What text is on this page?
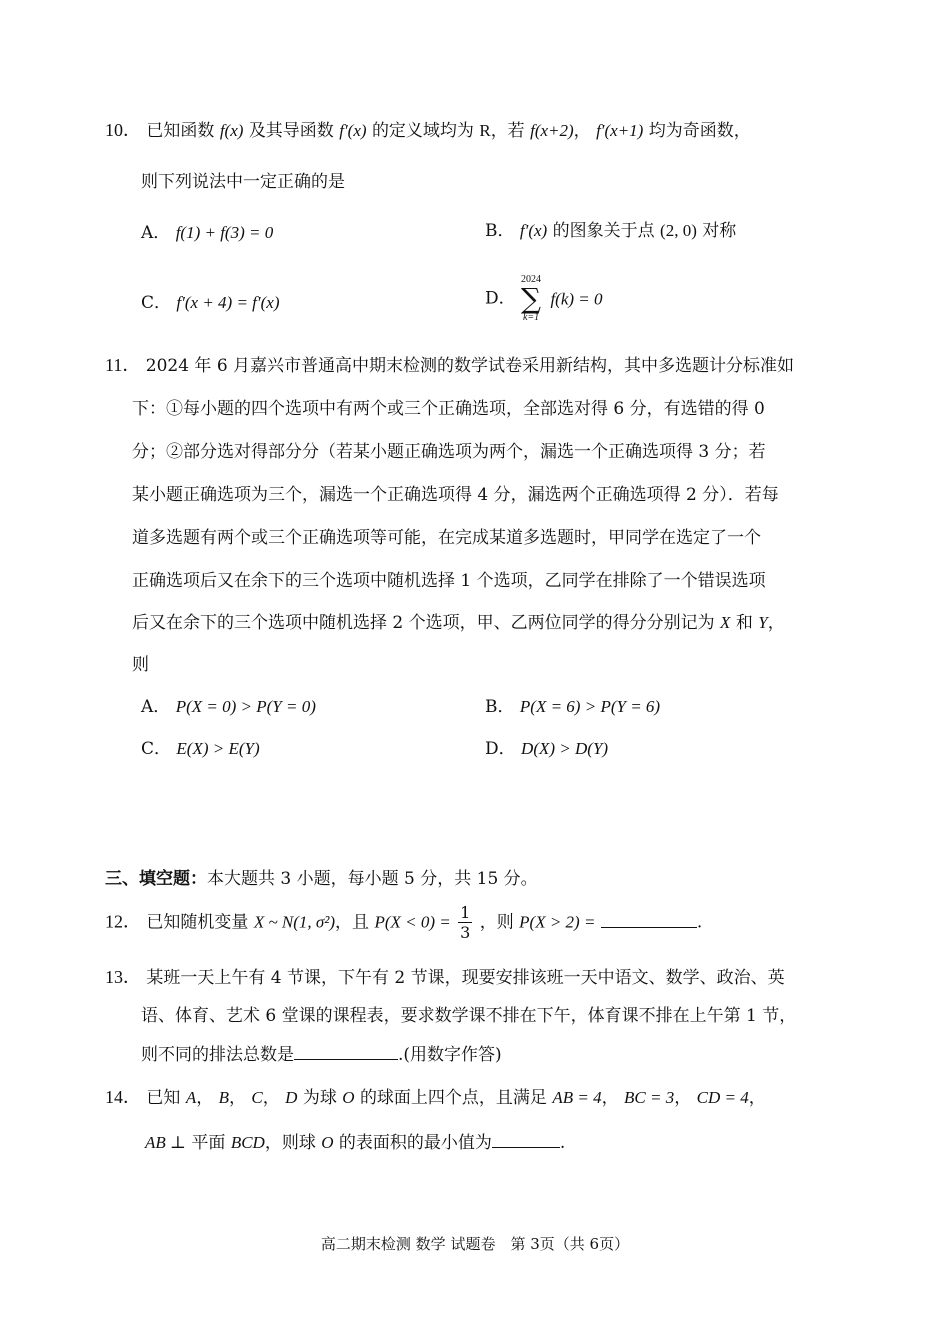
10． 已知函数 f(x) 及其导函数 f′(x) 的定义域均为 R，若 f(x+2)， f′(x+1) 均为奇函数，
则下列说法中一定正确的是
A． f(1) + f(3) = 0	B． f′(x) 的图象关于点 (2, 0) 对称
C． f′(x + 4) = f′(x)	D．
2024
∑
k=1
f(k) = 0
11． 2024 年 6 月嘉兴市普通高中期末检测的数学试卷采用新结构，其中多选题计分标准如
下：①每小题的四个选项中有两个或三个正确选项，全部选对得 6 分，有选错的得 0
分；②部分选对得部分分（若某小题正确选项为两个，漏选一个正确选项得 3 分；若
某小题正确选项为三个，漏选一个正确选项得 4 分，漏选两个正确选项得 2 分）．若每
道多选题有两个或三个正确选项等可能，在完成某道多选题时，甲同学在选定了一个
正确选项后又在余下的三个选项中随机选择 1 个选项，乙同学在排除了一个错误选项
后又在余下的三个选项中随机选择 2 个选项，甲、乙两位同学的得分分别记为 X 和 Y，
则
A． P(X = 0) > P(Y = 0)	B． P(X = 6) > P(Y = 6)
C． E(X) > E(Y)	D． D(X) > D(Y)
三、填空题：本大题共 3 小题，每小题 5 分，共 15 分。
12． 已知随机变量 X ~ N(1, σ²)，且 $P(X < 0) = \frac{1}{3}$ ，则 P(X > 2) =	.
13． 某班一天上午有 4 节课，下午有 2 节课，现要安排该班一天中语文、数学、政治、英
语、体育、艺术 6 堂课的课程表，要求数学课不排在下午，体育课不排在上午第 1 节，
则不同的排法总数是	.(用数字作答)
14． 已知 A， B， C， D 为球 O 的球面上四个点，且满足 AB = 4， BC = 3， CD = 4，
AB ⊥ 平面 BCD，则球 O 的表面积的最小值为	.
高二期末检测 数学 试题卷　第 3页（共 6页）
